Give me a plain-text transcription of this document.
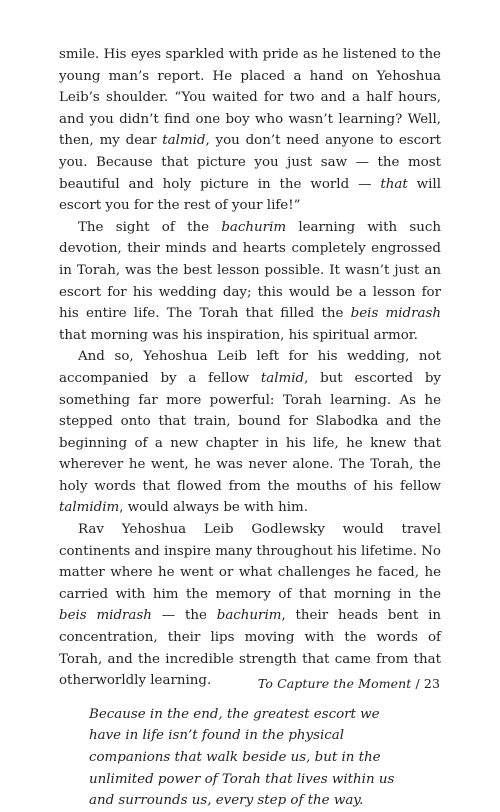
smile. His eyes sparkled with pride as he listened to the young man’s report. He placed a hand on Yehoshua Leib’s shoulder. “You waited for two and a half hours, and you didn’t find one boy who wasn’t learning? Well, then, my dear talmid, you don’t need anyone to escort you. Because that picture you just saw — the most beautiful and holy picture in the world — that will escort you for the rest of your life!”

The sight of the bachurim learning with such devotion, their minds and hearts completely engrossed in Torah, was the best lesson possible. It wasn’t just an escort for his wedding day; this would be a lesson for his entire life. The Torah that filled the beis midrash that morning was his inspiration, his spiritual armor.

And so, Yehoshua Leib left for his wedding, not accompanied by a fellow talmid, but escorted by something far more powerful: Torah learning. As he stepped onto that train, bound for Slabodka and the beginning of a new chapter in his life, he knew that wherever he went, he was never alone. The Torah, the holy words that flowed from the mouths of his fellow talmidim, would always be with him.

Rav Yehoshua Leib Godlewsky would travel continents and inspire many throughout his lifetime. No matter where he went or what challenges he faced, he carried with him the memory of that morning in the beis midrash — the bachurim, their heads bent in concentration, their lips moving with the words of Torah, and the incredible strength that came from that otherworldly learning.

Because in the end, the greatest escort we have in life isn’t found in the physical companions that walk beside us, but in the unlimited power of Torah that lives within us and surrounds us, every step of the way.

To Capture the Moment / 23
